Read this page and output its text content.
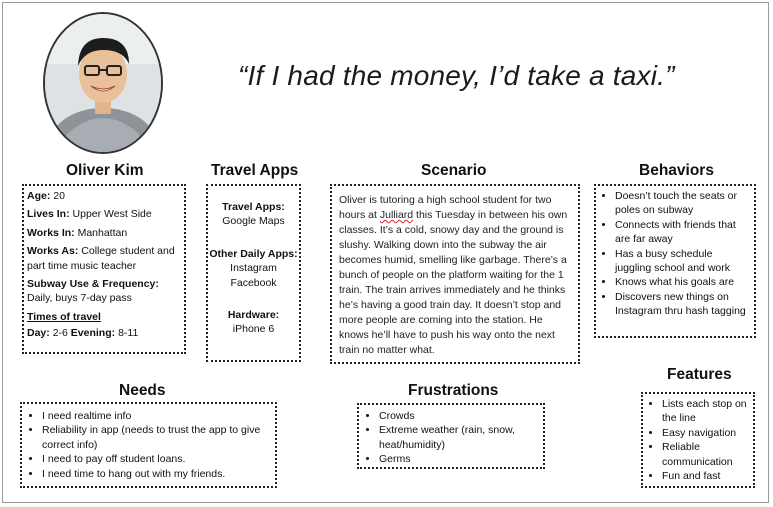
“If I had the money, I’d take a taxi.”
Oliver Kim	Travel Apps	Scenario	Behaviors
Needs	Frustrations
Features
Age: 20
Lives In: Upper West Side
Works In: Manhattan
Works As: College student and part time music teacher
Subway Use & Frequency:
Daily, buys 7-day pass
Times of travel
Day: 2-6 Evening: 8-11
Travel Apps:
Google Maps
Other Daily Apps:
Instagram
Facebook
Hardware:
iPhone 6
Oliver is tutoring a high school student for two hours at Julliard this Tuesday in between his own classes. It’s a cold, snowy day and the ground is slushy. Walking down into the subway the air becomes humid, smelling like garbage. There’s a bunch of people on the platform waiting for the 1 train. The train arrives immediately and he thinks he’s having a good train day. It doesn’t stop and more people are coming into the station. He knows he’ll have to push his way onto the next train no matter what.
• Doesn’t touch the seats or poles on subway
• Connects with friends that are far away
• Has a busy schedule juggling school and work
• Knows what his goals are
• Discovers new things on Instagram thru hash tagging
• I need realtime info
• Reliability in app (needs to trust the app to give correct info)
• I need to pay off student loans.
• I need time to hang out with my friends.
• Crowds
• Extreme weather (rain, snow, heat/humidity)
• Germs
• Lists each stop on the line
• Easy navigation
• Reliable communication
• Fun and fast
